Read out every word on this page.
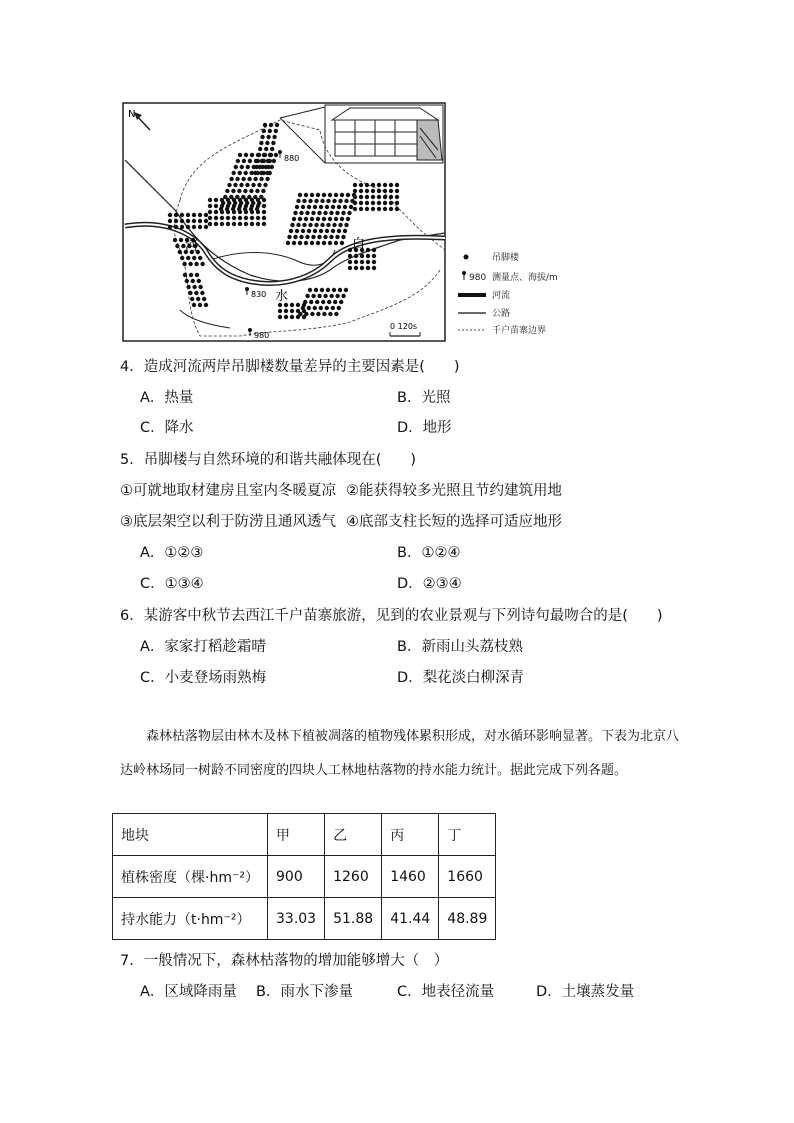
N
880
830
980
白
河
水
0 120s
吊脚楼
980 测量点、海拔/m
河流
公路
千户苗寨边界
4．造成河流两岸吊脚楼数量差异的主要因素是(　　)
A．热量	B．光照
C．降水	D．地形
5．吊脚楼与自然环境的和谐共融体现在(　　)
①可就地取材建房且室内冬暖夏凉 ②能获得较多光照且节约建筑用地
③底层架空以利于防涝且通风透气 ④底部支柱长短的选择可适应地形
A．①②③	B．①②④
C．①③④	D．②③④
6．某游客中秋节去西江千户苗寨旅游，见到的农业景观与下列诗句最吻合的是(　　)
A．家家打稻趁霜晴	B．新雨山头荔枝熟
C．小麦登场雨熟梅	D．梨花淡白柳深青
森林枯落物层由林木及林下植被凋落的植物残体累积形成，对水循环影响显著。下表为北京八达岭林场同一树龄不同密度的四块人工林地枯落物的持水能力统计。据此完成下列各题。
地块	甲	乙	丙	丁
植株密度（棵·hm⁻²）	900	1260	1460	1660
持水能力（t·hm⁻²）	33.03	51.88	41.44	48.89
7．一般情况下，森林枯落物的增加能够增大（　）
A．区域降雨量 B．雨水下渗量	C．地表径流量	D．土壤蒸发量
